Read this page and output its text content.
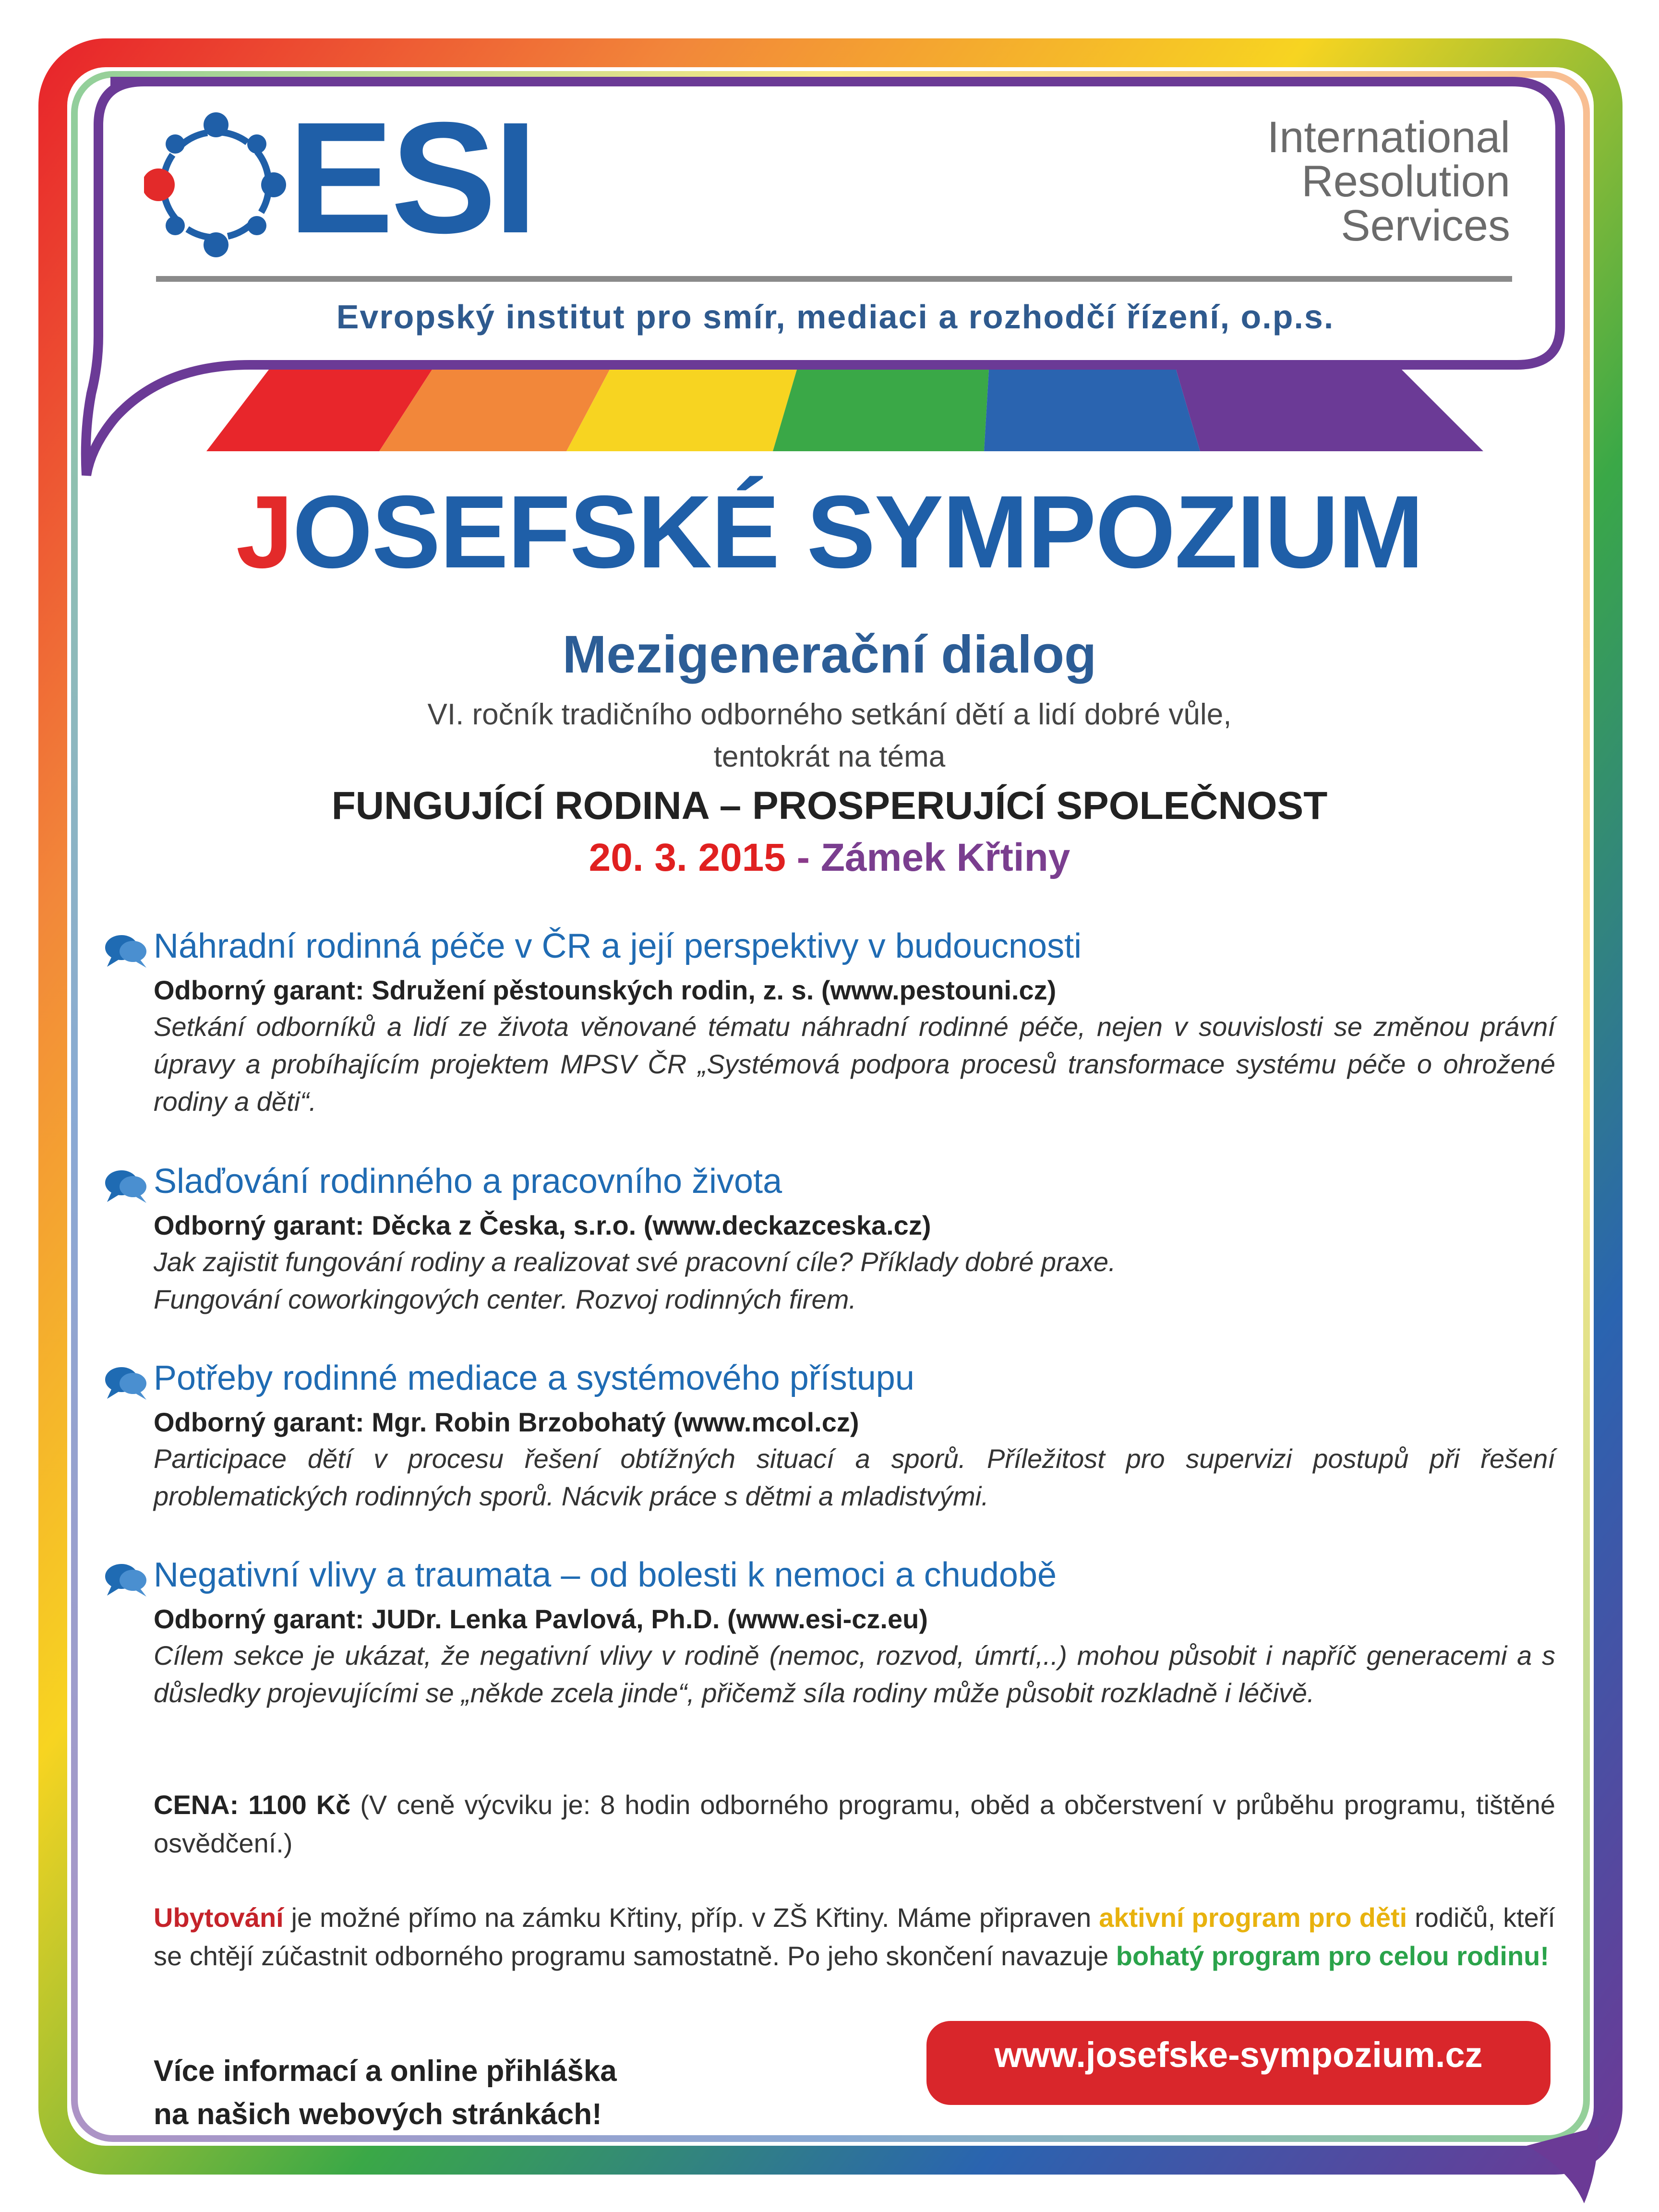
ESI	International
Resolution
Services
Evropský institut pro smír, mediaci a rozhodčí řízení, o.p.s.
JOSEFSKÉ SYMPOZIUM
Mezigenerační dialog
VI. ročník tradičního odborného setkání dětí a lidí dobré vůle,
tentokrát na téma
FUNGUJÍCÍ RODINA – PROSPERUJÍCÍ SPOLEČNOST
20. 3. 2015 - Zámek Křtiny
Náhradní rodinná péče v ČR a její perspektivy v budoucnosti
Odborný garant: Sdružení pěstounských rodin, z. s. (www.pestouni.cz)
Setkání odborníků a lidí ze života věnované tématu náhradní rodinné péče, nejen v souvislosti se změnou právní úpravy a probíhajícím projektem MPSV ČR „Systémová podpora procesů transformace systému péče o ohrožené rodiny a děti“.
Slaďování rodinného a pracovního života
Odborný garant: Děcka z Česka, s.r.o. (www.deckazceska.cz)
Jak zajistit fungování rodiny a realizovat své pracovní cíle? Příklady dobré praxe.
Fungování coworkingových center. Rozvoj rodinných firem.
Potřeby rodinné mediace a systémového přístupu
Odborný garant: Mgr. Robin Brzobohatý (www.mcol.cz)
Participace dětí v procesu řešení obtížných situací a sporů. Příležitost pro supervizi postupů při řešení problematických rodinných sporů. Nácvik práce s dětmi a mladistvými.
Negativní vlivy a traumata – od bolesti k nemoci a chudobě
Odborný garant: JUDr. Lenka Pavlová, Ph.D. (www.esi-cz.eu)
Cílem sekce je ukázat, že negativní vlivy v rodině (nemoc, rozvod, úmrtí,..) mohou působit i napříč generacemi a s důsledky projevujícími se „někde zcela jinde“, přičemž síla rodiny může působit rozkladně i léčivě.
CENA: 1100 Kč (V ceně výcviku je: 8 hodin odborného programu, oběd a občerstvení v průběhu programu, tištěné osvědčení.)
Ubytování je možné přímo na zámku Křtiny, příp. v ZŠ Křtiny. Máme připraven aktivní program pro děti rodičů, kteří se chtějí zúčastnit odborného programu samostatně. Po jeho skončení navazuje bohatý program pro celou rodinu!
Více informací a online přihláška
na našich webových stránkách!
www.josefske-sympozium.cz
